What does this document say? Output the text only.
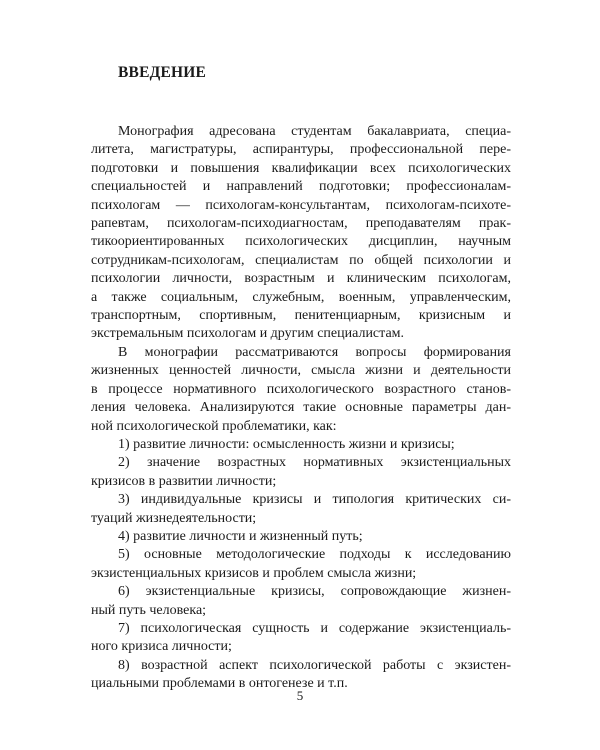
ВВЕДЕНИЕ
Монография адресована студентам бакалавриата, специа-
литета, магистратуры, аспирантуры, профессиональной пере-
подготовки и повышения квалификации всех психологических
специальностей и направлений подготовки; профессионалам-
психологам — психологам-консультантам, психологам-психоте-
рапевтам, психологам-психодиагностам, преподавателям прак-
тикоориентированных психологических дисциплин, научным
сотрудникам-психологам, специалистам по общей психологии и
психологии личности, возрастным и клиническим психологам,
а также социальным, служебным, военным, управленческим,
транспортным, спортивным, пенитенциарным, кризисным и
экстремальным психологам и другим специалистам.
В монографии рассматриваются вопросы формирования
жизненных ценностей личности, смысла жизни и деятельности
в процессе нормативного психологического возрастного станов-
ления человека. Анализируются такие основные параметры дан-
ной психологической проблематики, как:
1) развитие личности: осмысленность жизни и кризисы;
2) значение возрастных нормативных экзистенциальных
кризисов в развитии личности;
3) индивидуальные кризисы и типология критических си-
туаций жизнедеятельности;
4) развитие личности и жизненный путь;
5) основные методологические подходы к исследованию
экзистенциальных кризисов и проблем смысла жизни;
6) экзистенциальные кризисы, сопровождающие жизнен-
ный путь человека;
7) психологическая сущность и содержание экзистенциаль-
ного кризиса личности;
8) возрастной аспект психологической работы с экзистен-
циальными проблемами в онтогенезе и т.п.
5
